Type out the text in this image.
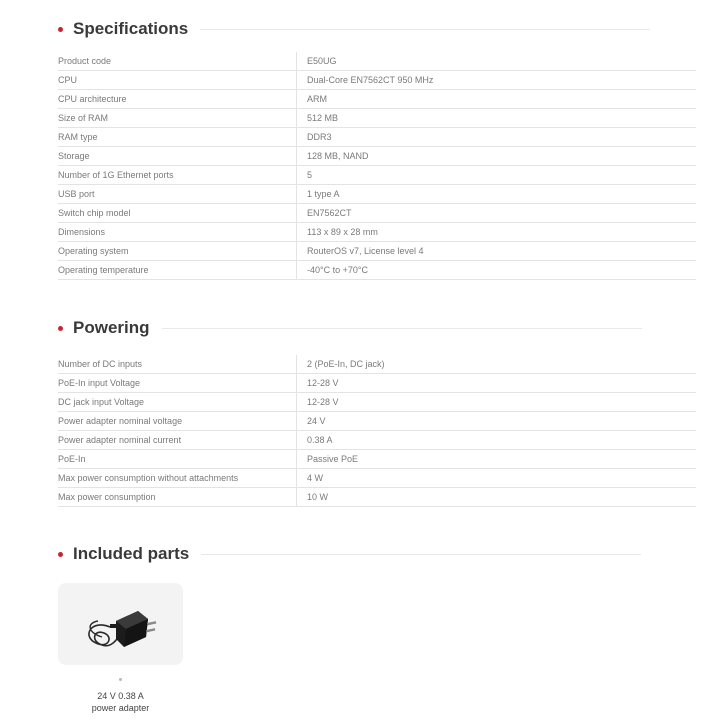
Specifications
Product code	E50UG
CPU	Dual-Core EN7562CT 950 MHz
CPU architecture	ARM
Size of RAM	512 MB
RAM type	DDR3
Storage	128 MB, NAND
Number of 1G Ethernet ports	5
USB port	1 type A
Switch chip model	EN7562CT
Dimensions	113 x 89 x 28 mm
Operating system	RouterOS v7, License level 4
Operating temperature	-40°C to +70°C
Powering
Number of DC inputs	2 (PoE-In, DC jack)
PoE-In input Voltage	12-28 V
DC jack input Voltage	12-28 V
Power adapter nominal voltage	24 V
Power adapter nominal current	0.38 A
PoE-In	Passive PoE
Max power consumption without attachments	4 W
Max power consumption	10 W
Included parts
24 V 0.38 A
power adapter
